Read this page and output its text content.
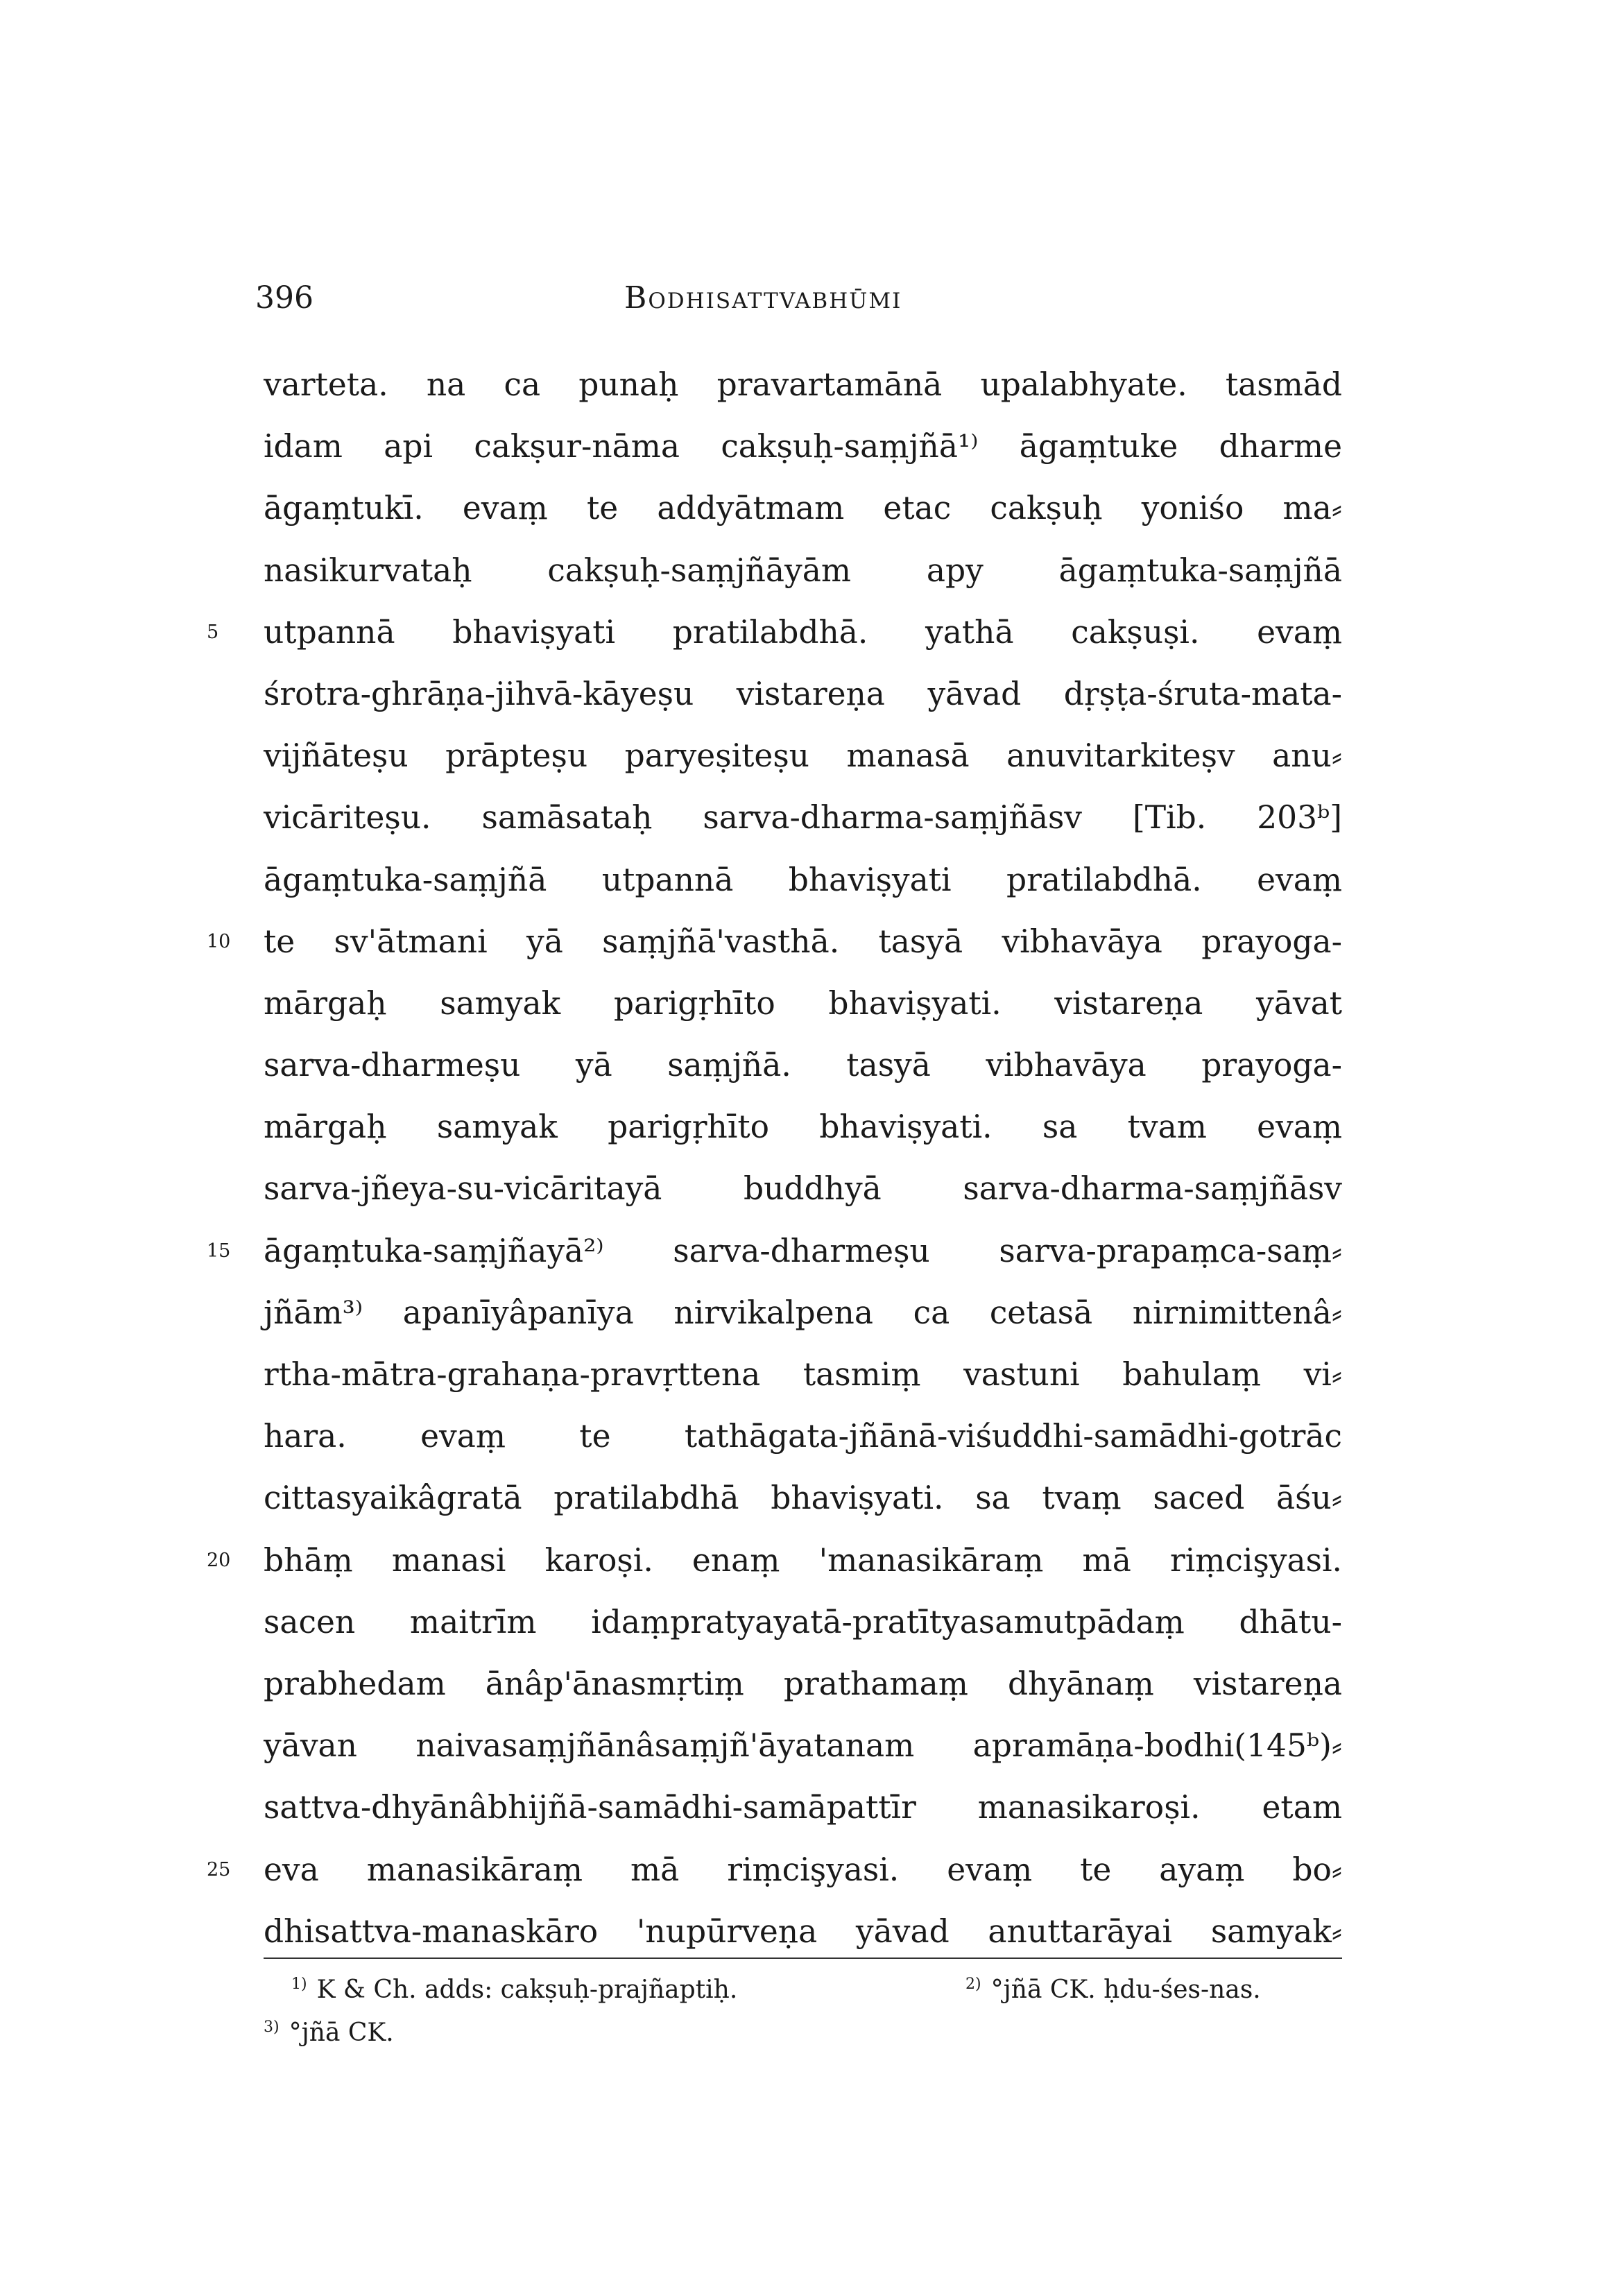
396	Bodhisattvabhūmi
varteta. na ca punaḥ pravartamānā upalabhyate. tasmād
idam api cakṣur-nāma cakṣuḥ-saṃjñā¹⁾ āgaṃtuke dharme
āgaṃtukī. evaṃ te addyātmam etac cakṣuḥ yoniśo ma⸗
nasikurvataḥ cakṣuḥ-saṃjñāyām apy āgaṃtuka-saṃjñā
5	utpannā bhaviṣyati pratilabdhā. yathā cakṣuṣi. evaṃ
śrotra-ghrāṇa-jihvā-kāyeṣu vistareṇa yāvad dṛṣṭa-śruta-mata-
vijñāteṣu prāpteṣu paryeṣiteṣu manasā anuvitarkiteṣv anu⸗
vicāriteṣu. samāsataḥ sarva-dharma-saṃjñāsv [Tib. 203ᵇ]
āgaṃtuka-saṃjñā utpannā bhaviṣyati pratilabdhā. evaṃ
10	te sv'ātmani yā saṃjñā'vasthā. tasyā vibhavāya prayoga-
mārgaḥ samyak parigṛhīto bhaviṣyati. vistareṇa yāvat
sarva-dharmeṣu yā saṃjñā. tasyā vibhavāya prayoga-
mārgaḥ samyak parigṛhīto bhaviṣyati. sa tvam evaṃ
sarva-jñeya-su-vicāritayā buddhyā sarva-dharma-saṃjñāsv
15	āgaṃtuka-saṃjñayā²⁾ sarva-dharmeṣu sarva-prapaṃca-saṃ⸗
jñām³⁾ apanīyâpanīya nirvikalpena ca cetasā nirnimittenâ⸗
rtha-mātra-grahaṇa-pravṛttena tasmiṃ vastuni bahulaṃ vi⸗
hara. evaṃ te tathāgata-jñānā-viśuddhi-samādhi-gotrāc
cittasyaikâgratā pratilabdhā bhaviṣyati. sa tvaṃ saced āśu⸗
20	bhāṃ manasi karoṣi. enaṃ 'manasikāraṃ mā riṃcişyasi.
sacen maitrīm idaṃpratyayatā-pratītyasamutpādaṃ dhātu-
prabhedam ānâp'ānasmṛtiṃ prathamaṃ dhyānaṃ vistareṇa
yāvan naivasaṃjñānâsaṃjñ'āyatanam apramāṇa-bodhi(145ᵇ)⸗
sattva-dhyānâbhijñā-samādhi-samāpattīr manasikaroṣi. etam
25	eva manasikāraṃ mā riṃcişyasi. evaṃ te ayaṃ bo⸗
dhisattva-manaskāro 'nupūrveṇa yāvad anuttarāyai samyak⸗
$^{1)}$ K & Ch. adds: cakṣuḥ-prajñaptiḥ.	$^{2)}$ °jñā CK. ḥdu-śes-nas.
$^{3)}$ °jñā CK.
